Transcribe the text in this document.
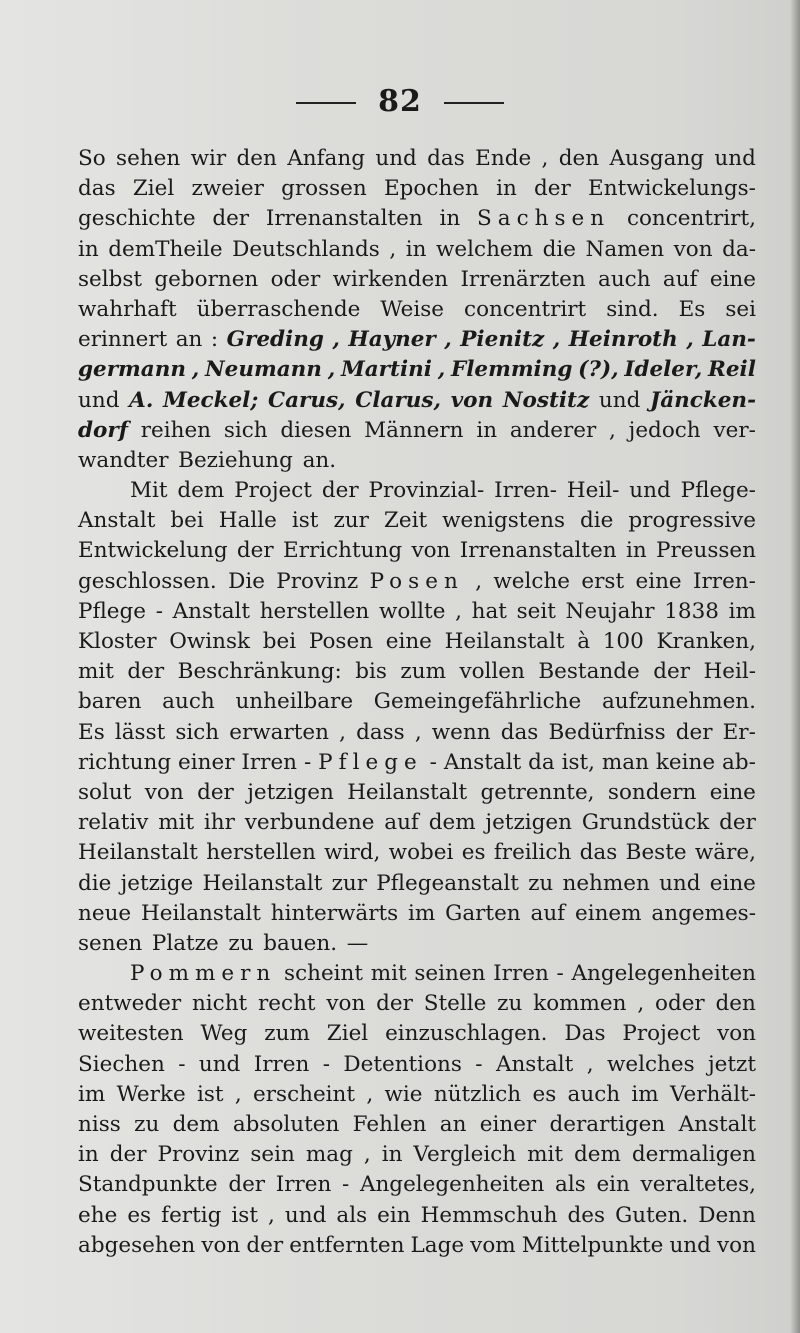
82
So sehen wir den Anfang und das Ende , den Ausgang und
das Ziel zweier grossen Epochen in der Entwickelungs-
geschichte der Irrenanstalten in Sachsen concentrirt,
in demTheile Deutschlands , in welchem die Namen von da-
selbst gebornen oder wirkenden Irrenärzten auch auf eine
wahrhaft überraschende Weise concentrirt sind. Es sei
erinnert an : Greding , Hayner , Pienitz , Heinroth , Lan-
germann , Neumann , Martini , Flemming (?), Ideler, Reil
und A. Meckel; Carus, Clarus, von Nostitz und Jäncken-
dorf reihen sich diesen Männern in anderer , jedoch ver-
wandter Beziehung an.
Mit dem Project der Provinzial- Irren- Heil- und Pflege-
Anstalt bei Halle ist zur Zeit wenigstens die progressive
Entwickelung der Errichtung von Irrenanstalten in Preussen
geschlossen. Die Provinz Posen , welche erst eine Irren-
Pflege - Anstalt herstellen wollte , hat seit Neujahr 1838 im
Kloster Owinsk bei Posen eine Heilanstalt à 100 Kranken,
mit der Beschränkung: bis zum vollen Bestande der Heil-
baren auch unheilbare Gemeingefährliche aufzunehmen.
Es lässt sich erwarten , dass , wenn das Bedürfniss der Er-
richtung einer Irren - Pflege - Anstalt da ist, man keine ab-
solut von der jetzigen Heilanstalt getrennte, sondern eine
relativ mit ihr verbundene auf dem jetzigen Grundstück der
Heilanstalt herstellen wird, wobei es freilich das Beste wäre,
die jetzige Heilanstalt zur Pflegeanstalt zu nehmen und eine
neue Heilanstalt hinterwärts im Garten auf einem angemes-
senen Platze zu bauen. —
Pommern scheint mit seinen Irren - Angelegenheiten
entweder nicht recht von der Stelle zu kommen , oder den
weitesten Weg zum Ziel einzuschlagen. Das Project von
Siechen - und Irren - Detentions - Anstalt , welches jetzt
im Werke ist , erscheint , wie nützlich es auch im Verhält-
niss zu dem absoluten Fehlen an einer derartigen Anstalt
in der Provinz sein mag , in Vergleich mit dem dermaligen
Standpunkte der Irren - Angelegenheiten als ein veraltetes,
ehe es fertig ist , und als ein Hemmschuh des Guten. Denn
abgesehen von der entfernten Lage vom Mittelpunkte und von
